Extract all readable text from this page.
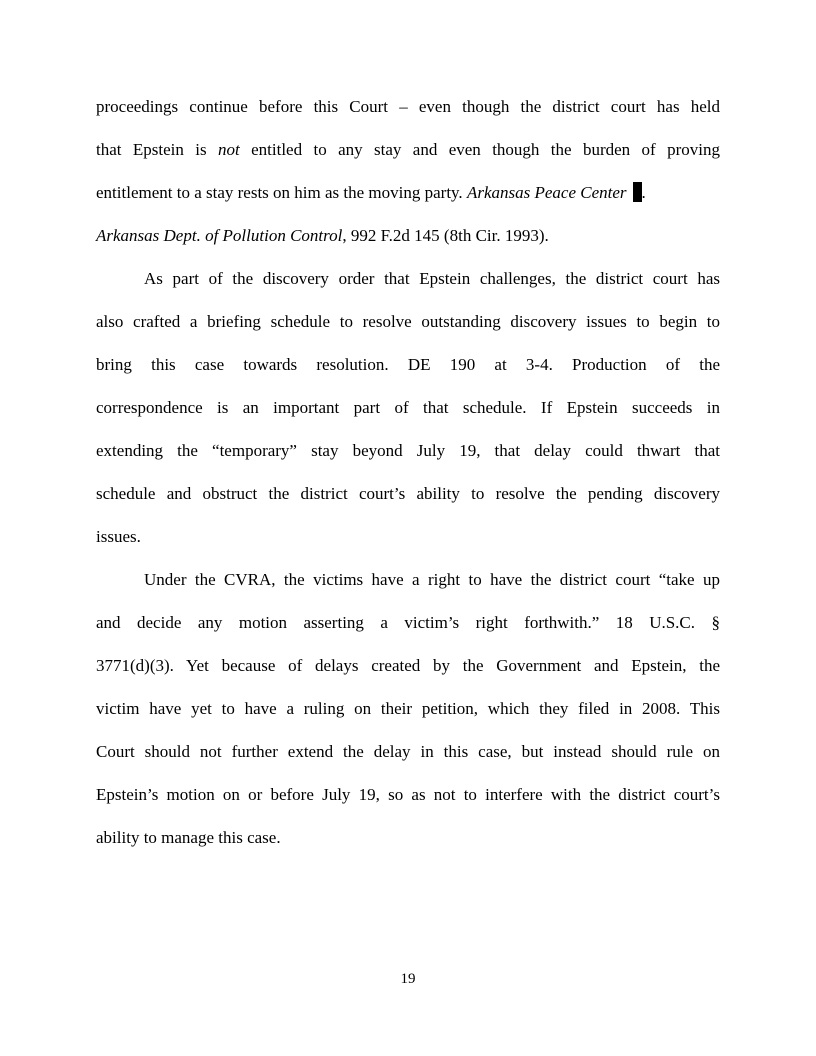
proceedings continue before this Court – even though the district court has held
that Epstein is not entitled to any stay and even though the burden of proving
entitlement to a stay rests on him as the moving party. Arkansas Peace Center .
Arkansas Dept. of Pollution Control, 992 F.2d 145 (8th Cir. 1993).
As part of the discovery order that Epstein challenges, the district court has
also crafted a briefing schedule to resolve outstanding discovery issues to begin to
bring this case towards resolution. DE 190 at 3-4. Production of the
correspondence is an important part of that schedule. If Epstein succeeds in
extending the “temporary” stay beyond July 19, that delay could thwart that
schedule and obstruct the district court’s ability to resolve the pending discovery
issues.
Under the CVRA, the victims have a right to have the district court “take up
and decide any motion asserting a victim’s right forthwith.” 18 U.S.C. §
3771(d)(3). Yet because of delays created by the Government and Epstein, the
victim have yet to have a ruling on their petition, which they filed in 2008. This
Court should not further extend the delay in this case, but instead should rule on
Epstein’s motion on or before July 19, so as not to interfere with the district court’s
ability to manage this case.
19
